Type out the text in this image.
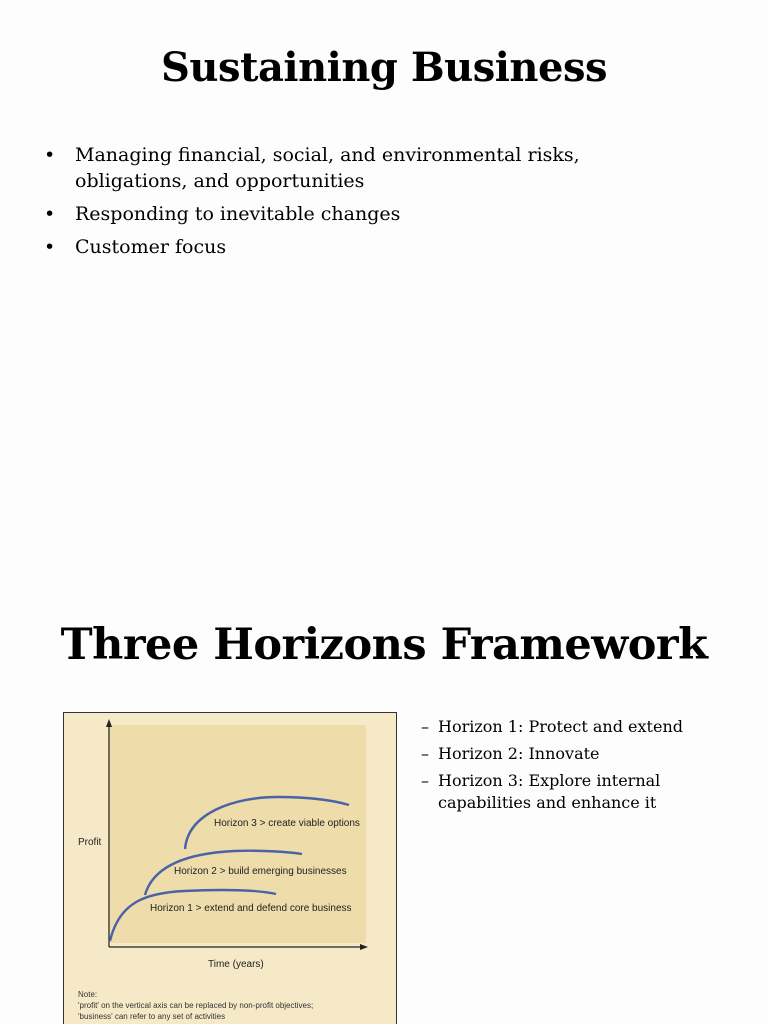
Sustaining Business
• Managing financial, social, and environmental risks, obligations, and opportunities
• Responding to inevitable changes
• Customer focus
Three Horizons Framework
Profit
Time (years)
Horizon 3 > create viable options
Horizon 2 > build emerging businesses
Horizon 1 > extend and defend core business
Note:
'profit' on the vertical axis can be replaced by non-profit objectives;
'business' can refer to any set of activities
– Horizon 1: Protect and extend
– Horizon 2: Innovate
– Horizon 3: Explore internal capabilities and enhance it
